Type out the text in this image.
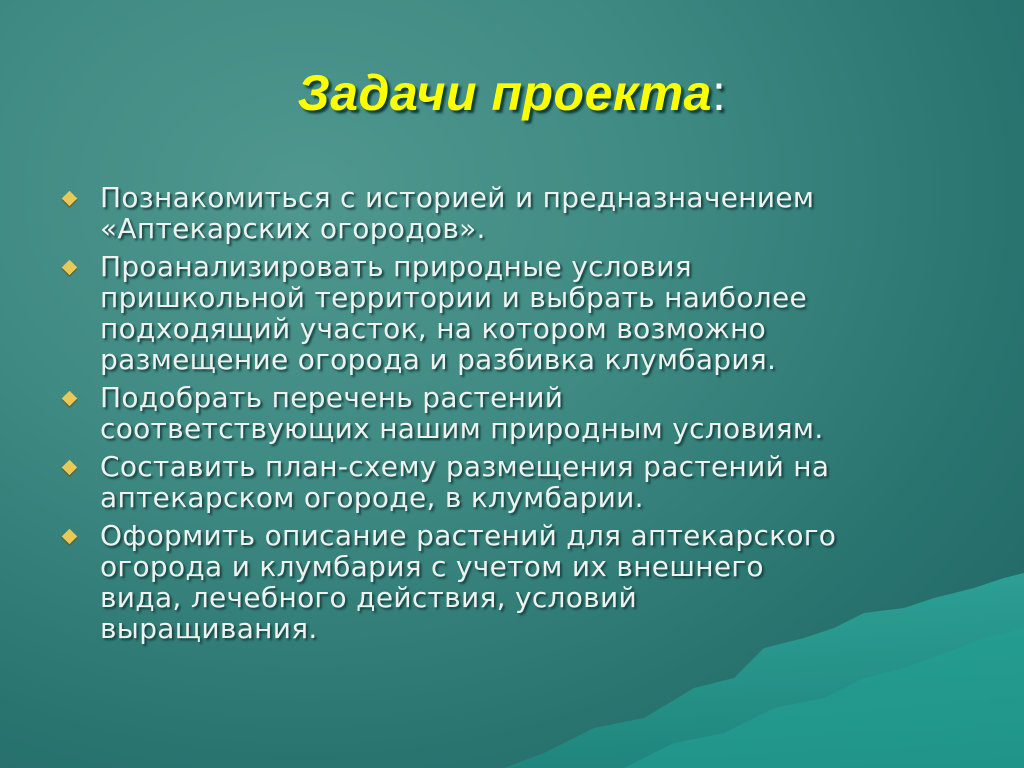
Задачи проекта:
Познакомиться с историей и предназначением
«Аптекарских огородов».
Проанализировать природные условия
пришкольной территории и выбрать наиболее
подходящий участок, на котором возможно
размещение огорода и разбивка клумбария.
Подобрать перечень растений
соответствующих нашим природным условиям.
Составить план-схему размещения растений на
аптекарском огороде, в клумбарии.
Оформить описание растений для аптекарского
огорода и клумбария с учетом их внешнего
вида, лечебного действия, условий
выращивания.
